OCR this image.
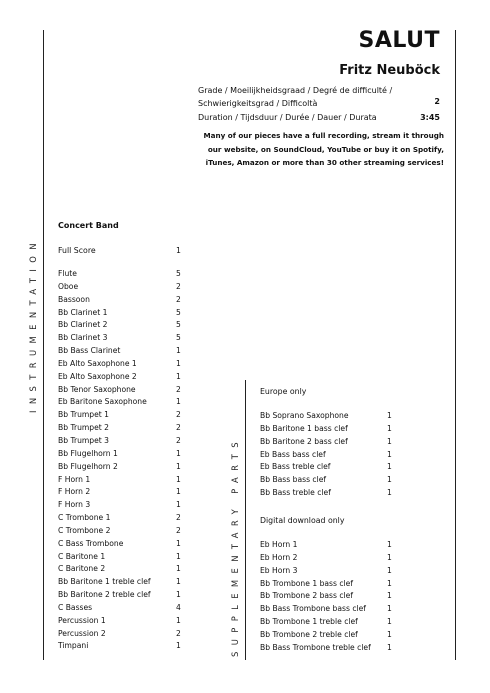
INSTRUMENTATION
SUPPLEMENTARY PARTS
SALUT
Fritz Neuböck
Grade / Moeilijkheidsgraad / Degré de difficulté / Schwierigkeitsgrad / Difficoltà	2
Duration / Tijdsduur / Durée / Dauer / Durata	3:45
Many of our pieces have a full recording, stream it through our website, on SoundCloud, YouTube or buy it on Spotify, iTunes, Amazon or more than 30 other streaming services!
Concert Band
Full Score	1
Flute	5
Oboe	2
Bassoon	2
Bb Clarinet 1	5
Bb Clarinet 2	5
Bb Clarinet 3	5
Bb Bass Clarinet	1
Eb Alto Saxophone 1	1
Eb Alto Saxophone 2	1
Bb Tenor Saxophone	2
Eb Baritone Saxophone	1
Bb Trumpet 1	2
Bb Trumpet 2	2
Bb Trumpet 3	2
Bb Flugelhorn 1	1
Bb Flugelhorn 2	1
F Horn 1	1
F Horn 2	1
F Horn 3	1
C Trombone 1	2
C Trombone 2	2
C Bass Trombone	1
C Baritone 1	1
C Baritone 2	1
Bb Baritone 1 treble clef	1
Bb Baritone 2 treble clef	1
C Basses	4
Percussion 1	1
Percussion 2	2
Timpani	1
Europe only
Bb Soprano Saxophone	1
Bb Baritone 1 bass clef	1
Bb Baritone 2 bass clef	1
Eb Bass bass clef	1
Eb Bass treble clef	1
Bb Bass bass clef	1
Bb Bass treble clef	1
Digital download only
Eb Horn 1	1
Eb Horn 2	1
Eb Horn 3	1
Bb Trombone 1 bass clef	1
Bb Trombone 2 bass clef	1
Bb Bass Trombone bass clef	1
Bb Trombone 1 treble clef	1
Bb Trombone 2 treble clef	1
Bb Bass Trombone treble clef 1
